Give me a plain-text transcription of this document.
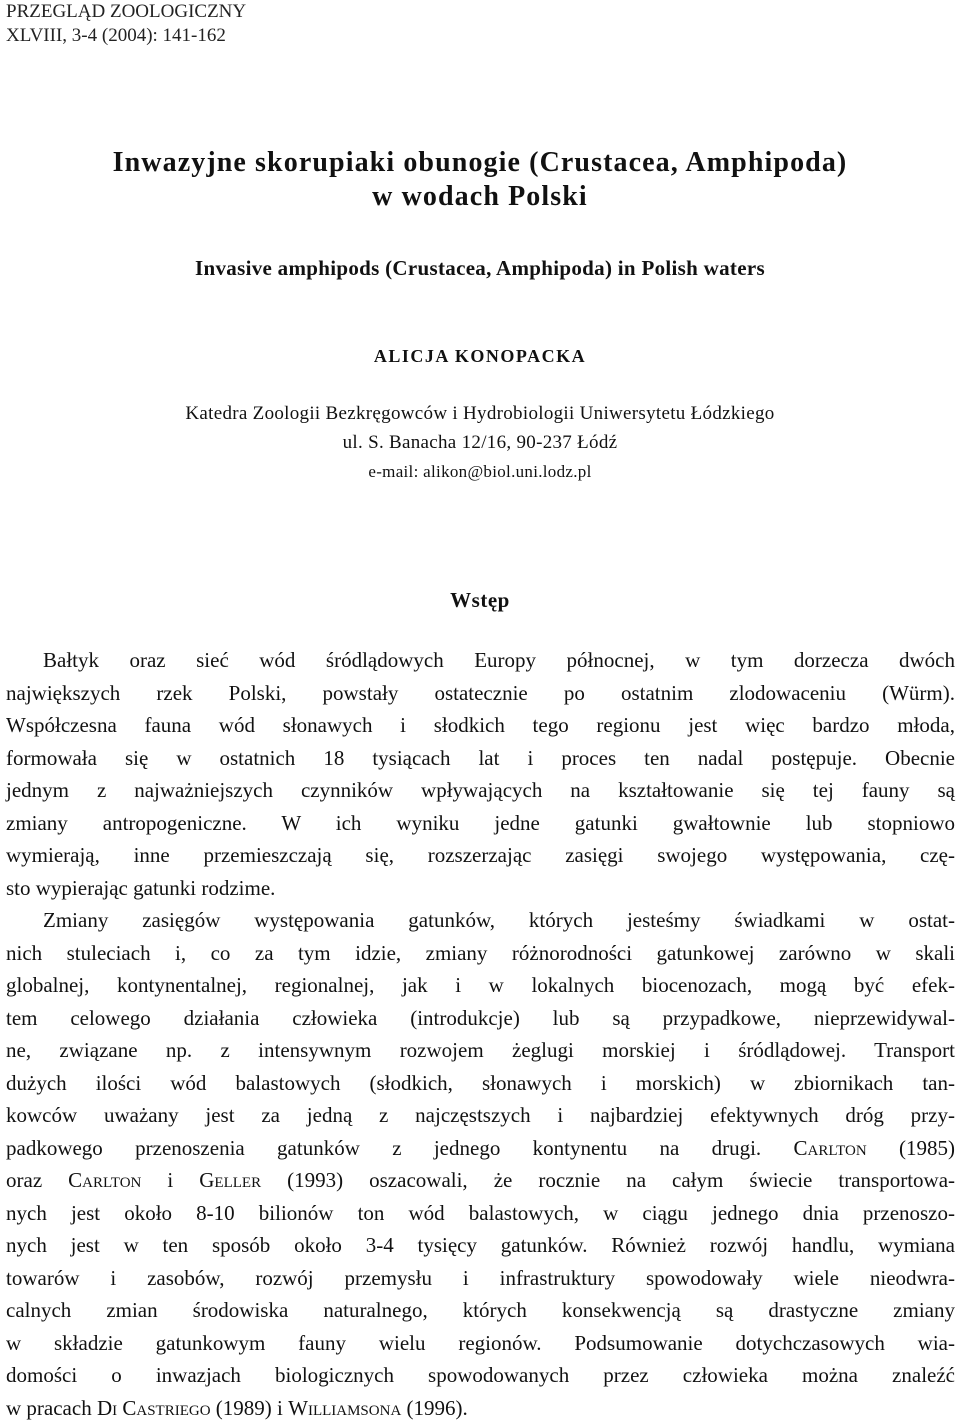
PRZEGLĄD ZOOLOGICZNY
XLVIII, 3-4 (2004): 141-162
Inwazyjne skorupiaki obunogie (Crustacea, Amphipoda)
w wodach Polski
Invasive amphipods (Crustacea, Amphipoda) in Polish waters
ALICJA KONOPACKA
Katedra Zoologii Bezkręgowców i Hydrobiologii Uniwersytetu Łódzkiego
ul. S. Banacha 12/16, 90-237 Łódź
e-mail: alikon@biol.uni.lodz.pl
Wstęp

Bałtyk oraz sieć wód śródlądowych Europy północnej, w tym dorzecza dwóch
największych rzek Polski, powstały ostatecznie po ostatnim zlodowaceniu (Würm).
Współczesna fauna wód słonawych i słodkich tego regionu jest więc bardzo młoda,
formowała się w ostatnich 18 tysiącach lat i proces ten nadal postępuje. Obecnie
jednym z najważniejszych czynników wpływających na kształtowanie się tej fauny są
zmiany antropogeniczne. W ich wyniku jedne gatunki gwałtownie lub stopniowo
wymierają, inne przemieszczają się, rozszerzając zasięgi swojego występowania, czę-
sto wypierając gatunki rodzime.

Zmiany zasięgów występowania gatunków, których jesteśmy świadkami w ostat-
nich stuleciach i, co za tym idzie, zmiany różnorodności gatunkowej zarówno w skali
globalnej, kontynentalnej, regionalnej, jak i w lokalnych biocenozach, mogą być efek-
tem celowego działania człowieka (introdukcje) lub są przypadkowe, nieprzewidywal-
ne, związane np. z intensywnym rozwojem żeglugi morskiej i śródlądowej. Transport
dużych ilości wód balastowych (słodkich, słonawych i morskich) w zbiornikach tan-
kowców uważany jest za jedną z najczęstszych i najbardziej efektywnych dróg przy-
padkowego przenoszenia gatunków z jednego kontynentu na drugi. Carlton (1985)
oraz Carlton i Geller (1993) oszacowali, że rocznie na całym świecie transportowa-
nych jest około 8-10 bilionów ton wód balastowych, w ciągu jednego dnia przenoszo-
nych jest w ten sposób około 3-4 tysięcy gatunków. Również rozwój handlu, wymiana
towarów i zasobów, rozwój przemysłu i infrastruktury spowodowały wiele nieodwra-
calnych zmian środowiska naturalnego, których konsekwencją są drastyczne zmiany
w składzie gatunkowym fauny wielu regionów. Podsumowanie dotychczasowych wia-
domości o inwazjach biologicznych spowodowanych przez człowieka można znaleźć
w pracach Di Castriego (1989) i Williamsona (1996).
